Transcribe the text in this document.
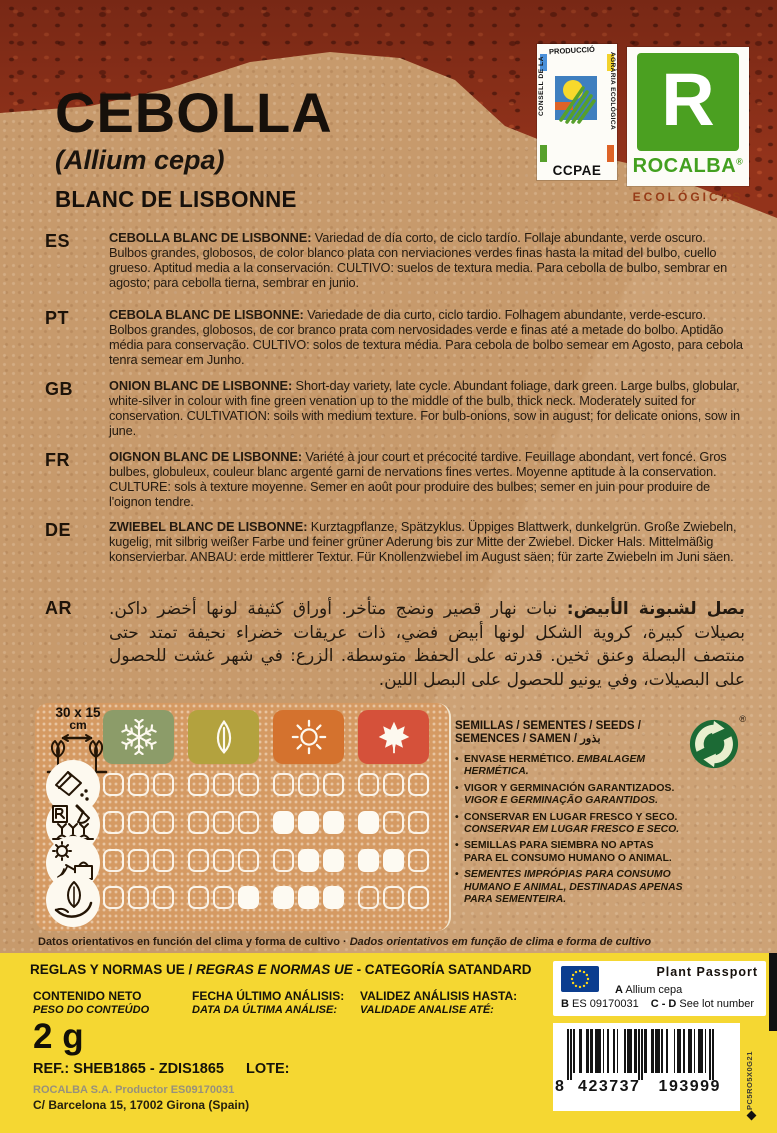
CEBOLLA
(Allium cepa)
BLANC DE LISBONNE
PRODUCCIÓ
CONSELL DE LA	AGRÀRIA ECOLÒGICA
CCPAE
R
ROCALBA®
ECOLÓGICAS
ES	CEBOLLA BLANC DE LISBONNE: Variedad de día corto, de ciclo tardío. Follaje abundante, verde oscuro. Bulbos grandes, globosos, de color blanco plata con nerviaciones verdes finas hasta la mitad del bulbo, cuello grueso. Aptitud media a la conservación. CULTIVO: suelos de textura media. Para cebolla de bulbo, sembrar en agosto; para cebolla tierna, sembrar en junio.
PT	CEBOLA BLANC DE LISBONNE: Variedade de dia curto, ciclo tardio. Folhagem abundante, verde-escuro. Bolbos grandes, globosos, de cor branco prata com nervosidades verde e finas até a metade do bolbo. Aptidão média para conservação. CULTIVO: solos de textura média. Para cebola de bolbo semear em Agosto, para cebola tenra semear em Junho.
GB	ONION BLANC DE LISBONNE: Short-day variety, late cycle. Abundant foliage, dark green. Large bulbs, globular, white-silver in colour with fine green venation up to the middle of the bulb, thick neck. Moderately suited for conservation. CULTIVATION: soils with medium texture. For bulb-onions, sow in august; for delicate onions, sow in june.
FR	OIGNON BLANC DE LISBONNE: Variété à jour court et précocité tardive. Feuillage abondant, vert foncé. Gros bulbes, globuleux, couleur blanc argenté garni de nervations fines vertes. Moyenne aptitude à la conservation. CULTURE: sols à texture moyenne. Semer en août pour produire des bulbes; semer en juin pour produire de l'oignon tendre.
DE	ZWIEBEL BLANC DE LISBONNE: Kurztagpflanze, Spätzyklus. Üppiges Blattwerk, dunkelgrün. Große Zwiebeln, kugelig, mit silbrig weißer Farbe und feiner grüner Aderung bis zur Mitte der Zwiebel. Dicker Hals. Mittelmäßig konservierbar. ANBAU: erde mittlerer Textur. Für Knollenzwiebel im August säen; für zarte Zwiebeln im Juni säen.
AR	بصل لشبونة الأبيض: نبات نهار قصير ونضج متأخر. أوراق كثيفة لونها أخضر داكن. بصيلات كبيرة، كروية الشكل لونها أبيض فضي، ذات عريقات خضراء نحيفة تمتد حتى منتصف البصلة وعنق ثخين. قدرته على الحفظ متوسطة. الزرع: في شهر غشت للحصول على البصيلات، وفي يونيو للحصول على البصل اللين.
30 x 15
cm
Datos orientativos en función del clima y forma de cultivo · Dados orientativos em função de clima e forma de cultivo
SEMILLAS / SEMENTES / SEEDS /
SEMENCES / SAMEN / بذور
• ENVASE HERMÉTICO. EMBALAGEM HERMÉTICA.
• VIGOR Y GERMINACIÓN GARANTIZADOS. VIGOR E GERMINAÇÃO GARANTIDOS.
• CONSERVAR EN LUGAR FRESCO Y SECO. CONSERVAR EM LUGAR FRESCO E SECO.
• SEMILLAS PARA SIEMBRA NO APTAS PARA EL CONSUMO HUMANO O ANIMAL.
• SEMENTES IMPRÓPIAS PARA CONSUMO HUMANO E ANIMAL, DESTINADAS APENAS PARA SEMENTEIRA.
®
REGLAS Y NORMAS UE / REGRAS E NORMAS UE - CATEGORÍA SATANDARD
CONTENIDO NETO
PESO DO CONTEÚDO
FECHA ÚLTIMO ANÁLISIS:
DATA DA ÚLTIMA ANÁLISE:
VALIDEZ ANÁLISIS HASTA:
VALIDADE ANALISE ATÉ:
2 g
REF.: SHEB1865 - ZDIS1865 LOTE:
ROCALBA S.A. Productor ES09170031
C/ Barcelona 15, 17002 Girona (Spain)
Plant Passport
A Allium cepa
B ES 09170031 C - D See lot number
8 423737	193999	PC5RO5X0G21
